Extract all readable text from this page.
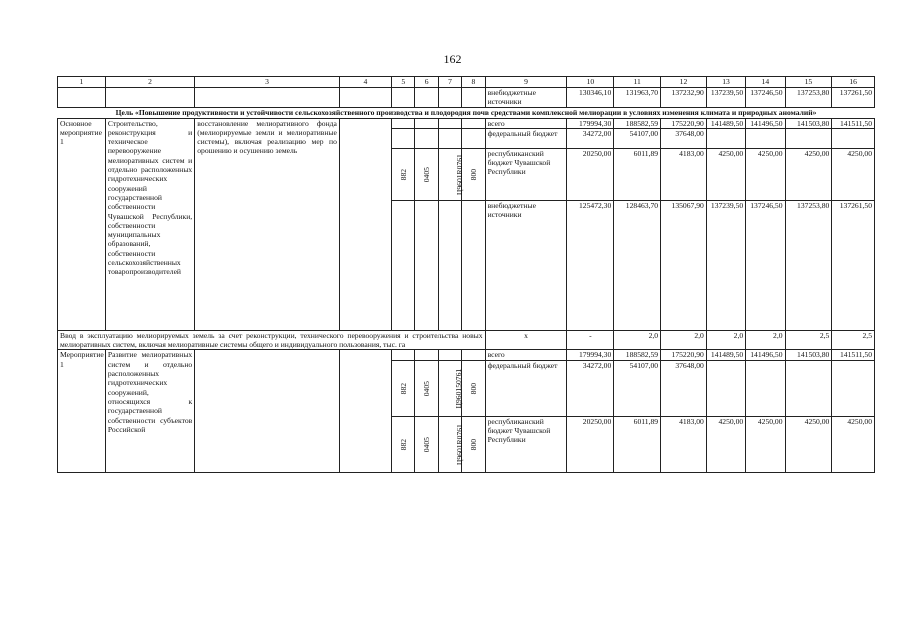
162
1	2	3	4	5	6	7	8	9	10	11	12	13	14	15	16
								внебюджетные источники	130346,10	131963,70	137232,90	137239,50	137246,50	137253,80	137261,50
Цель «Повышение продуктивности и устойчивости сельскохозяйственного производства и плодородия почв средствами комплексной мелиорации в условиях изменения климата и природных аномалий»															
Основное мероприятие 1	Строительство, реконструкция и техническое перевооружение мелиоративных систем и отдельно расположенных гидротехнических сооружений государственной собственности Чувашской Республики, собственности муниципальных образований, собственности сельскохозяйственных товаропроизводителей	восстановление мелиоративного фонда (мелиорируемые земли и мелиоративные системы), включая реализацию мер по орошению и осушению земель						всего	179994,30	188582,59	175220,90	141489,50	141496,50	141503,80	141511,50
								федеральный бюджет	34272,00	54107,00	37648,00				
				882	0405	Ц9601R0761	800	республиканский бюджет Чувашской Республики	20250,00	6011,89	4183,00	4250,00	4250,00	4250,00	4250,00
								внебюджетные источники	125472,30	128463,70	135067,90	137239,50	137246,50	137253,80	137261,50
Ввод в эксплуатацию мелиорируемых земель за счет реконструкции, технического перевооружения и строительства новых мелиоративных систем, включая мелиоративные системы общего и индивидуального пользования, тыс. га								x	-	2,0	2,0	2,0	2,0	2,5	2,5
Мероприятие 1	Развитие мелиоративных систем и отдельно расположенных гидротехнических сооружений, относящихся к государственной собственности субъектов Российской							всего	179994,30	188582,59	175220,90	141489,50	141496,50	141503,80	141511,50
				882	0405	Ц960150761	800	федеральный бюджет	34272,00	54107,00	37648,00				
				882	0405	Ц9601R0761	800	республиканский бюджет Чувашской Республики	20250,00	6011,89	4183,00	4250,00	4250,00	4250,00	4250,00
